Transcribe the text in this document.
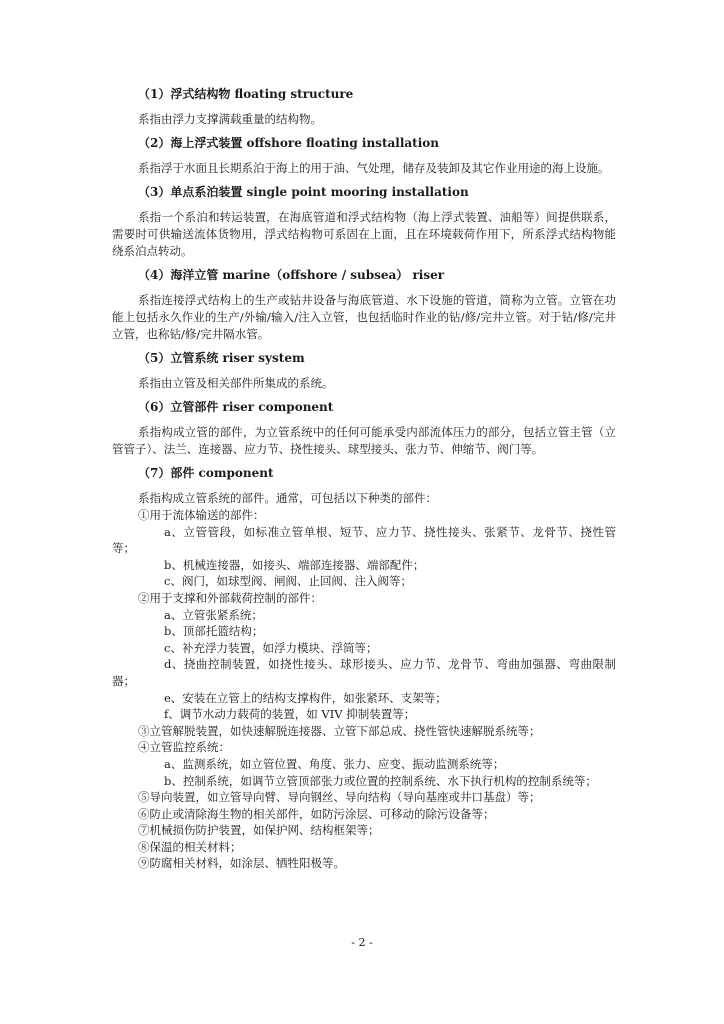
（1）浮式结构物 floating structure
系指由浮力支撑满载重量的结构物。
（2）海上浮式装置 offshore floating installation
系指浮于水面且长期系泊于海上的用于油、气处理，储存及装卸及其它作业用途的海上设施。
（3）单点系泊装置 single point mooring installation
系指一个系泊和转运装置，在海底管道和浮式结构物（海上浮式装置、油船等）间提供联系，需要时可供输送流体货物用，浮式结构物可系固在上面，且在环境载荷作用下，所系浮式结构物能绕系泊点转动。
（4）海洋立管 marine（offshore / subsea） riser
系指连接浮式结构上的生产或钻井设备与海底管道、水下设施的管道，简称为立管。立管在功能上包括永久作业的生产/外输/输入/注入立管，也包括临时作业的钻/修/完井立管。对于钻/修/完井立管，也称钻/修/完井隔水管。
（5）立管系统 riser system
系指由立管及相关部件所集成的系统。
（6）立管部件 riser component
系指构成立管的部件，为立管系统中的任何可能承受内部流体压力的部分，包括立管主管（立管管子）、法兰、连接器、应力节、挠性接头、球型接头、张力节、伸缩节、阀门等。
（7）部件 component
系指构成立管系统的部件。通常，可包括以下种类的部件：
①用于流体输送的部件：
a、立管管段，如标准立管单根、短节、应力节、挠性接头、张紧节、龙骨节、挠性管等；
b、机械连接器，如接头、端部连接器、端部配件；
c、阀门，如球型阀、闸阀、止回阀、注入阀等；
②用于支撑和外部载荷控制的部件：
a、立管张紧系统；
b、顶部托篮结构；
c、补充浮力装置，如浮力模块、浮筒等；
d、挠曲控制装置，如挠性接头、球形接头、应力节、龙骨节、弯曲加强器、弯曲限制器；
e、安装在立管上的结构支撑构件，如张紧环、支架等；
f、调节水动力载荷的装置，如 VIV 抑制装置等；
③立管解脱装置，如快速解脱连接器、立管下部总成、挠性管快速解脱系统等；
④立管监控系统：
a、监测系统，如立管位置、角度、张力、应变、振动监测系统等；
b、控制系统，如调节立管顶部张力或位置的控制系统、水下执行机构的控制系统等；
⑤导向装置，如立管导向臂、导向钢丝、导向结构（导向基座或井口基盘）等；
⑥防止或清除海生物的相关部件，如防污涂层、可移动的除污设备等；
⑦机械损伤防护装置，如保护网、结构框架等；
⑧保温的相关材料；
⑨防腐相关材料，如涂层、牺牲阳极等。
- 2 -
